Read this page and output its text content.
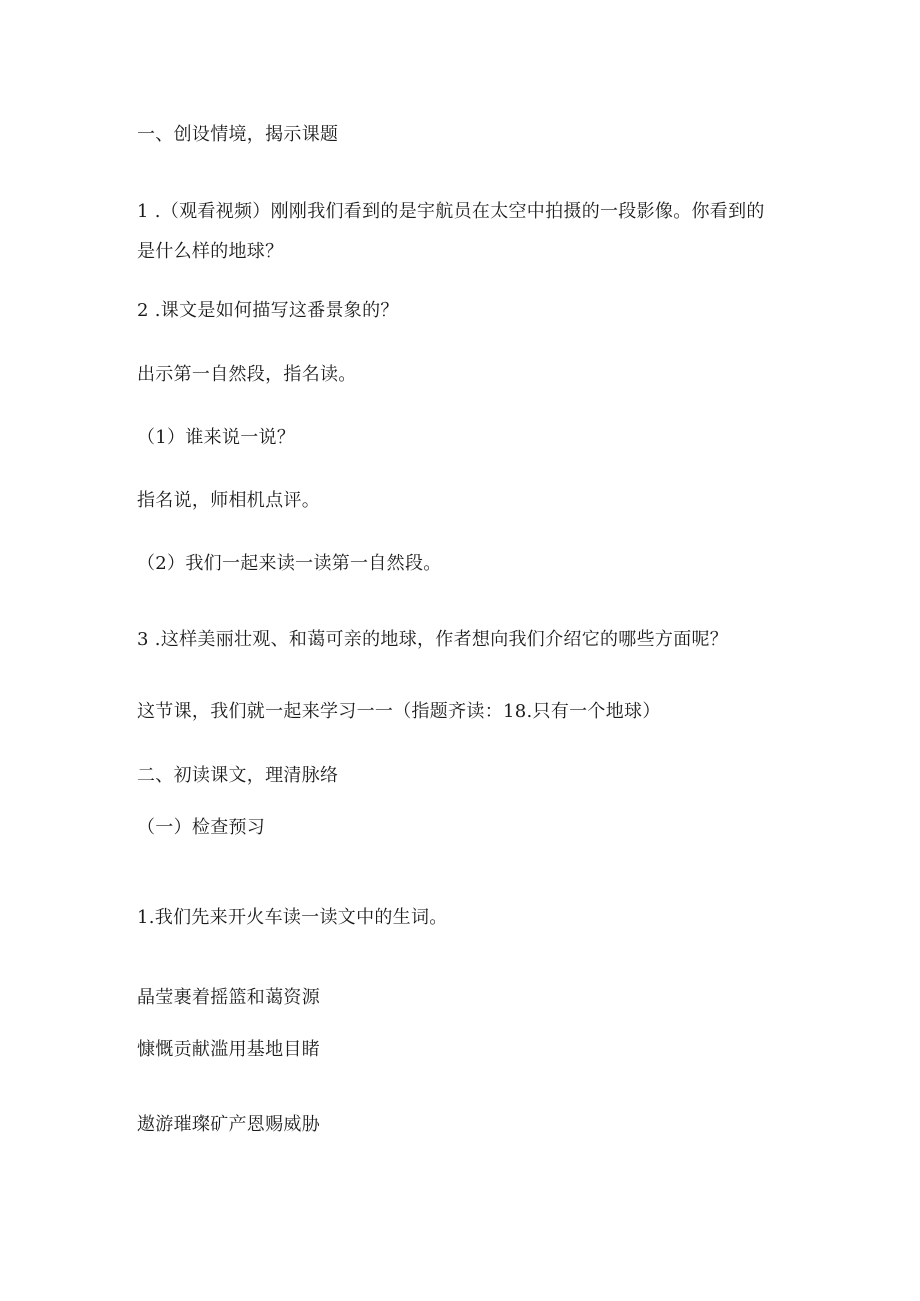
一、创设情境，揭示课题
1 .（观看视频）刚刚我们看到的是宇航员在太空中拍摄的一段影像。你看到的是什么样的地球？
2 .课文是如何描写这番景象的？
出示第一自然段，指名读。
（1）谁来说一说？
指名说，师相机点评。
（2）我们一起来读一读第一自然段。
3 .这样美丽壮观、和蔼可亲的地球，作者想向我们介绍它的哪些方面呢？
这节课，我们就一起来学习一一（指题齐读：18.只有一个地球）
二、初读课文，理清脉络
（一）检查预习
1.我们先来开火车读一读文中的生词。
晶莹裹着摇篮和蔼资源
慷慨贡献滥用基地目睹
遨游璀璨矿产恩赐威胁
